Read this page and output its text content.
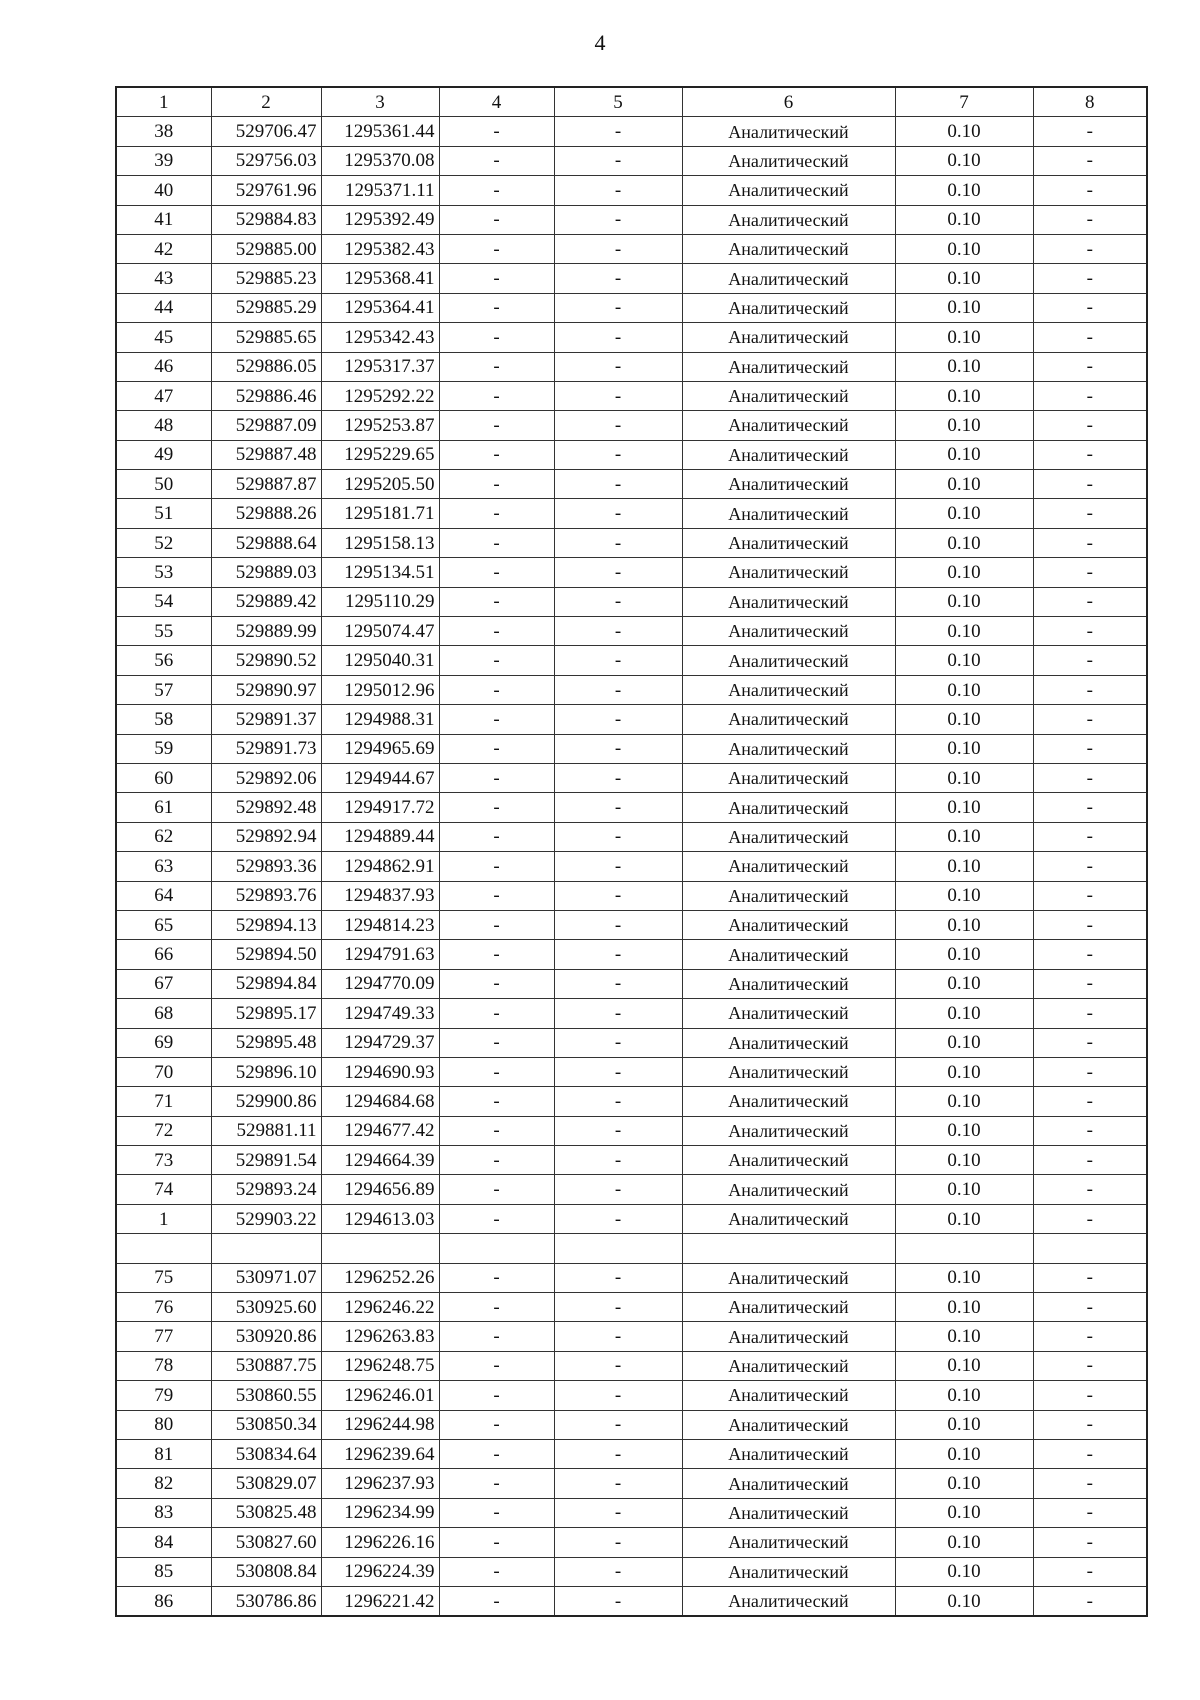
4
1	2	3	4	5	6	7	8
38	529706.47	1295361.44	-	-	Аналитический	0.10	-
39	529756.03	1295370.08	-	-	Аналитический	0.10	-
40	529761.96	1295371.11	-	-	Аналитический	0.10	-
41	529884.83	1295392.49	-	-	Аналитический	0.10	-
42	529885.00	1295382.43	-	-	Аналитический	0.10	-
43	529885.23	1295368.41	-	-	Аналитический	0.10	-
44	529885.29	1295364.41	-	-	Аналитический	0.10	-
45	529885.65	1295342.43	-	-	Аналитический	0.10	-
46	529886.05	1295317.37	-	-	Аналитический	0.10	-
47	529886.46	1295292.22	-	-	Аналитический	0.10	-
48	529887.09	1295253.87	-	-	Аналитический	0.10	-
49	529887.48	1295229.65	-	-	Аналитический	0.10	-
50	529887.87	1295205.50	-	-	Аналитический	0.10	-
51	529888.26	1295181.71	-	-	Аналитический	0.10	-
52	529888.64	1295158.13	-	-	Аналитический	0.10	-
53	529889.03	1295134.51	-	-	Аналитический	0.10	-
54	529889.42	1295110.29	-	-	Аналитический	0.10	-
55	529889.99	1295074.47	-	-	Аналитический	0.10	-
56	529890.52	1295040.31	-	-	Аналитический	0.10	-
57	529890.97	1295012.96	-	-	Аналитический	0.10	-
58	529891.37	1294988.31	-	-	Аналитический	0.10	-
59	529891.73	1294965.69	-	-	Аналитический	0.10	-
60	529892.06	1294944.67	-	-	Аналитический	0.10	-
61	529892.48	1294917.72	-	-	Аналитический	0.10	-
62	529892.94	1294889.44	-	-	Аналитический	0.10	-
63	529893.36	1294862.91	-	-	Аналитический	0.10	-
64	529893.76	1294837.93	-	-	Аналитический	0.10	-
65	529894.13	1294814.23	-	-	Аналитический	0.10	-
66	529894.50	1294791.63	-	-	Аналитический	0.10	-
67	529894.84	1294770.09	-	-	Аналитический	0.10	-
68	529895.17	1294749.33	-	-	Аналитический	0.10	-
69	529895.48	1294729.37	-	-	Аналитический	0.10	-
70	529896.10	1294690.93	-	-	Аналитический	0.10	-
71	529900.86	1294684.68	-	-	Аналитический	0.10	-
72	529881.11	1294677.42	-	-	Аналитический	0.10	-
73	529891.54	1294664.39	-	-	Аналитический	0.10	-
74	529893.24	1294656.89	-	-	Аналитический	0.10	-
1	529903.22	1294613.03	-	-	Аналитический	0.10	-

75	530971.07	1296252.26	-	-	Аналитический	0.10	-
76	530925.60	1296246.22	-	-	Аналитический	0.10	-
77	530920.86	1296263.83	-	-	Аналитический	0.10	-
78	530887.75	1296248.75	-	-	Аналитический	0.10	-
79	530860.55	1296246.01	-	-	Аналитический	0.10	-
80	530850.34	1296244.98	-	-	Аналитический	0.10	-
81	530834.64	1296239.64	-	-	Аналитический	0.10	-
82	530829.07	1296237.93	-	-	Аналитический	0.10	-
83	530825.48	1296234.99	-	-	Аналитический	0.10	-
84	530827.60	1296226.16	-	-	Аналитический	0.10	-
85	530808.84	1296224.39	-	-	Аналитический	0.10	-
86	530786.86	1296221.42	-	-	Аналитический	0.10	-
